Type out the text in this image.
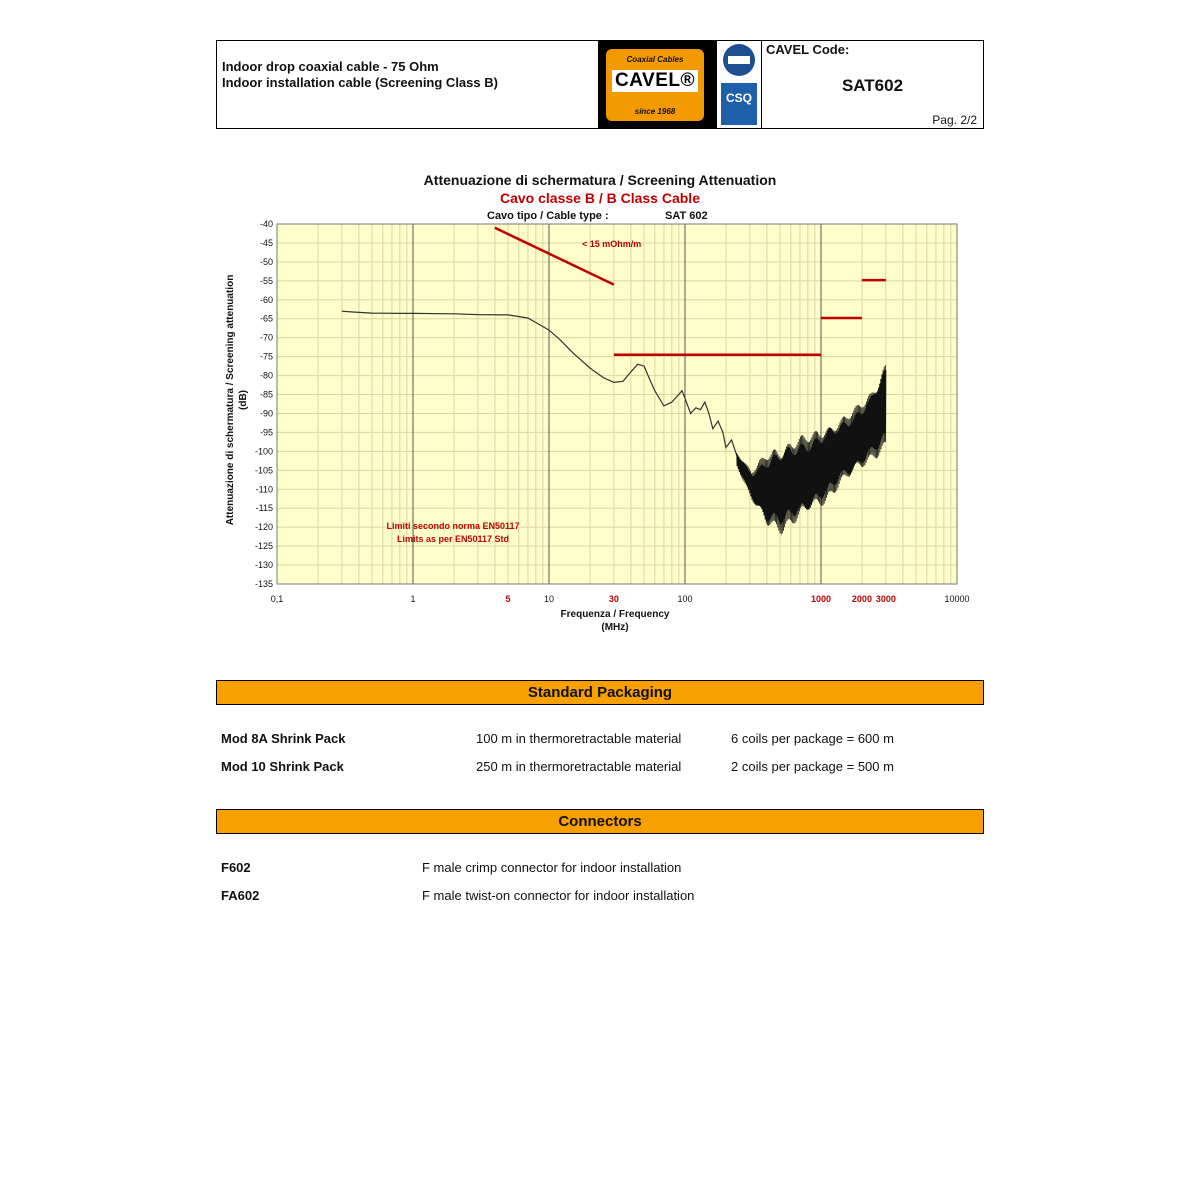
Indoor drop coaxial cable - 75 Ohm
Indoor installation cable (Screening Class B)
Coaxial Cables
CAVEL®
since 1968
CSQ
CAVEL Code:
SAT602
Pag. 2/2
-40
-45
-50
-55
-60
-65
-70
-75
-80
-85
-90
-95
-100
-105
-110
-115
-120
-125
-130
-135
0,1	1	5	10	30	100	1000 2000 3000	10000
Attenuazione di schermatura / Screening Attenuation
Cavo classe B / B Class Cable
Cavo tipo / Cable type :	SAT 602
Frequenza / Frequency
(MHz)
Attenuazione di schermatura / Screening attenuation (dB)
< 15 mOhm/m
Limiti secondo norma EN50117
Limits as per EN50117 Std
Standard Packaging
Mod 8A Shrink Pack	100 m in thermoretractable material	6 coils per package = 600 m
Mod 10 Shrink Pack	250 m in thermoretractable material	2 coils per package = 500 m
Connectors
F602	F male crimp connector for indoor installation
FA602	F male twist-on connector for indoor installation
